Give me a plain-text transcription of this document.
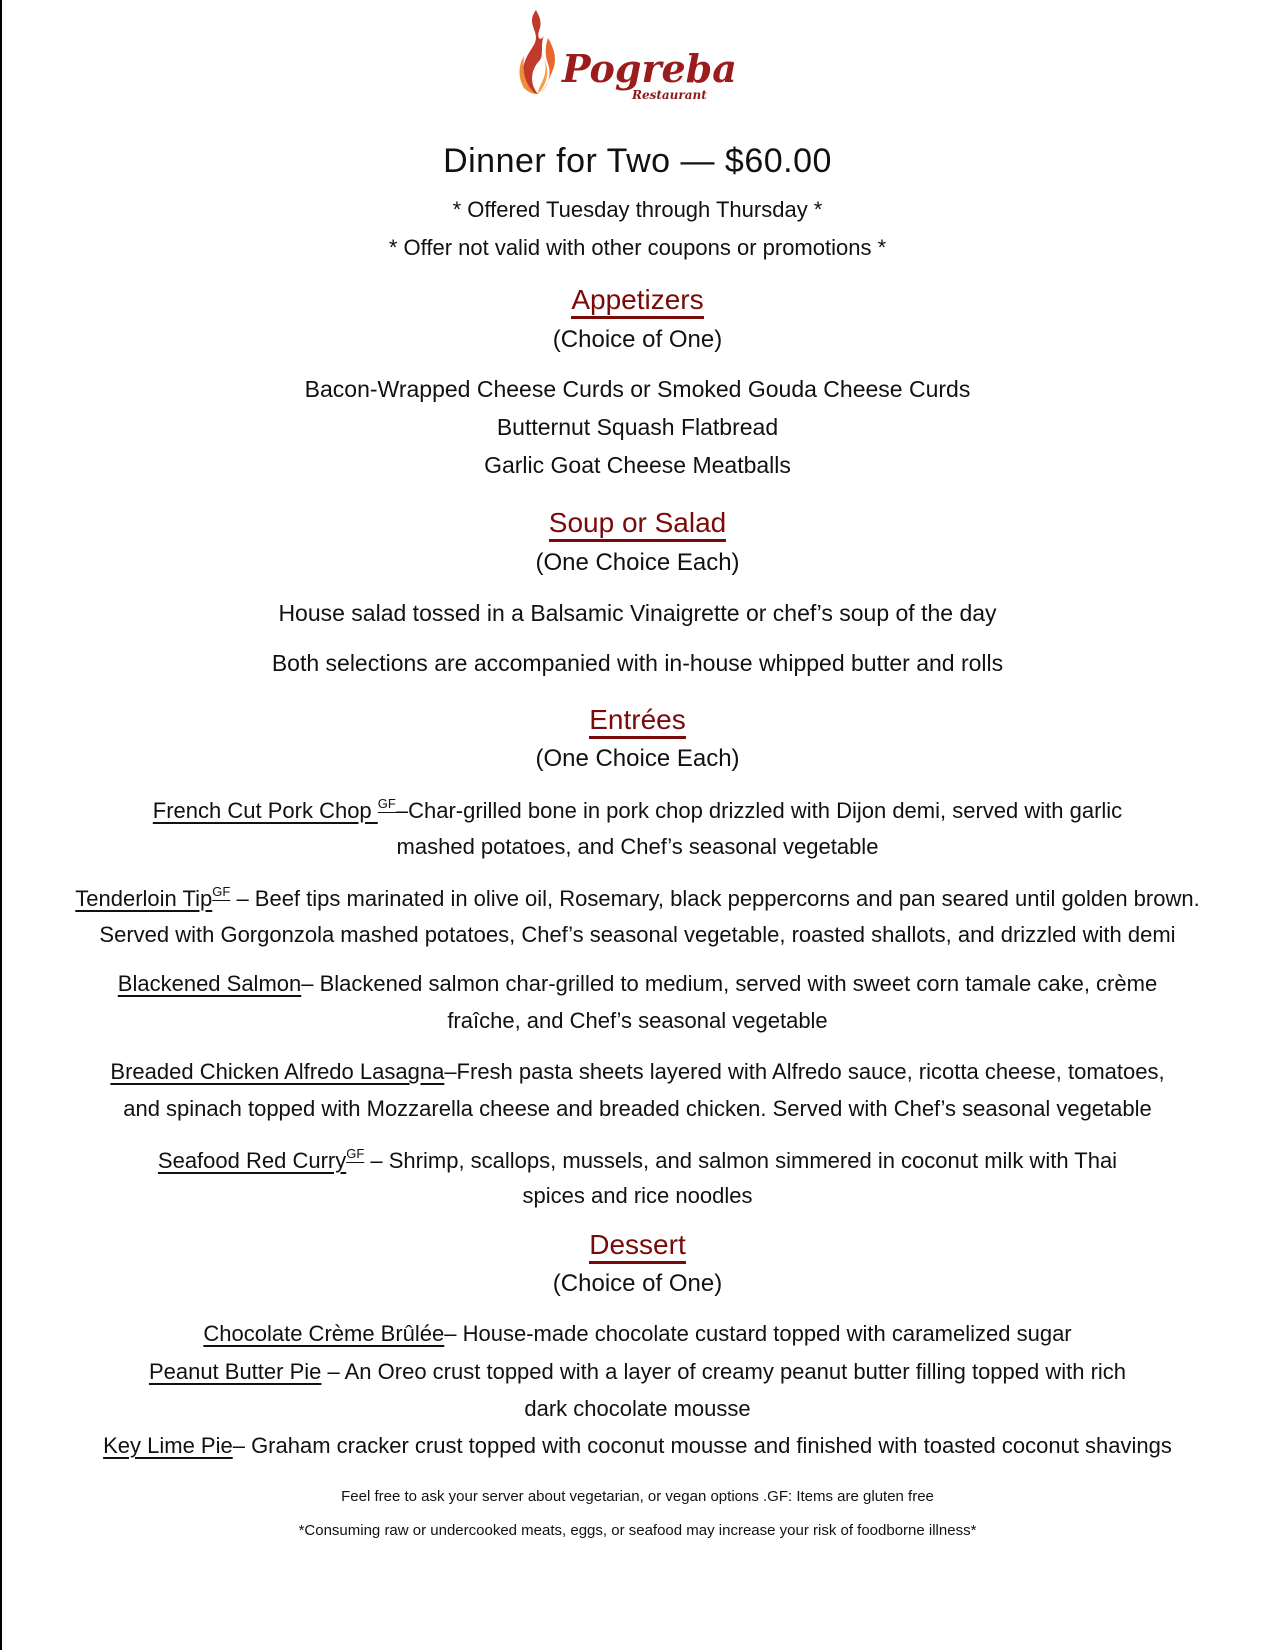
Pogreba
Restaurant
Dinner for Two — $60.00
* Offered Tuesday through Thursday *
* Offer not valid with other coupons or promotions *
Appetizers
(Choice of One)
Bacon-Wrapped Cheese Curds or Smoked Gouda Cheese Curds
Butternut Squash Flatbread
Garlic Goat Cheese Meatballs
Soup or Salad
(One Choice Each)
House salad tossed in a Balsamic Vinaigrette or chef’s soup of the day
Both selections are accompanied with in-house whipped butter and rolls
Entrées
(One Choice Each)
French Cut Pork Chop $^{GF}$–Char-grilled bone in pork chop drizzled with Dijon demi, served with garlic
mashed potatoes, and Chef’s seasonal vegetable
Tenderloin Tip$^{GF}$ – Beef tips marinated in olive oil, Rosemary, black peppercorns and pan seared until golden brown.
Served with Gorgonzola mashed potatoes, Chef’s seasonal vegetable, roasted shallots, and drizzled with demi
Blackened Salmon– Blackened salmon char-grilled to medium, served with sweet corn tamale cake, crème
fraîche, and Chef’s seasonal vegetable
Breaded Chicken Alfredo Lasagna–Fresh pasta sheets layered with Alfredo sauce, ricotta cheese, tomatoes,
and spinach topped with Mozzarella cheese and breaded chicken. Served with Chef’s seasonal vegetable
Seafood Red Curry$^{GF}$ – Shrimp, scallops, mussels, and salmon simmered in coconut milk with Thai
spices and rice noodles
Dessert
(Choice of One)
Chocolate Crème Brûlée– House-made chocolate custard topped with caramelized sugar
Peanut Butter Pie – An Oreo crust topped with a layer of creamy peanut butter filling topped with rich
dark chocolate mousse
Key Lime Pie– Graham cracker crust topped with coconut mousse and finished with toasted coconut shavings
Feel free to ask your server about vegetarian, or vegan options .GF: Items are gluten free
*Consuming raw or undercooked meats, eggs, or seafood may increase your risk of foodborne illness*
